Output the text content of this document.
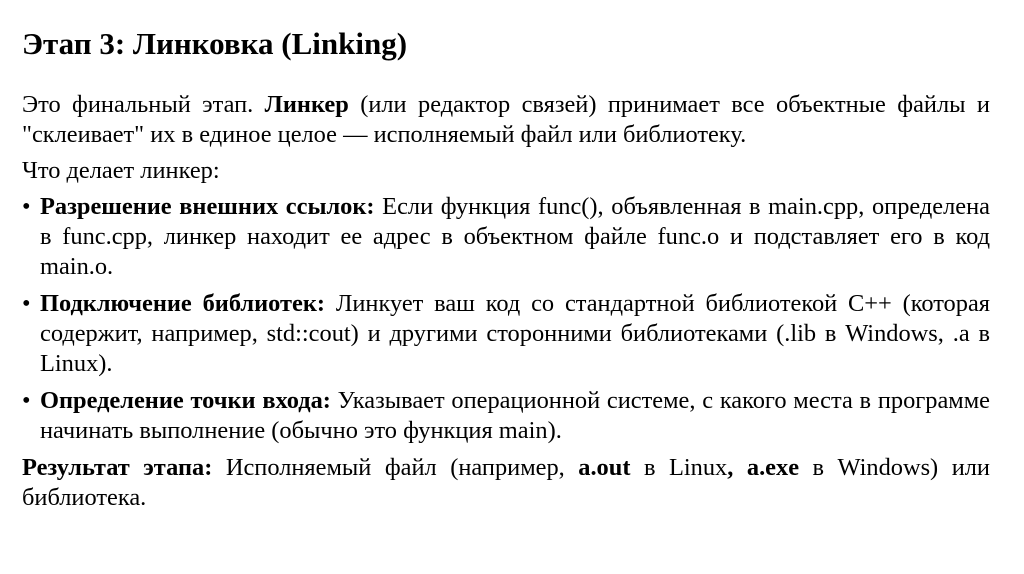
Этап 3: Линковка (Linking)

Это финальный этап. Линкер (или редактор связей) принимает все объектные файлы и "склеивает" их в единое целое — исполняемый файл или библиотеку.

Что делает линкер:

• Разрешение внешних ссылок: Если функция func(), объявленная в main.cpp, определена в func.cpp, линкер находит ее адрес в объектном файле func.o и подставляет его в код main.o.
• Подключение библиотек: Линкует ваш код со стандартной библиотекой C++ (которая содержит, например, std::cout) и другими сторонними библиотеками (.lib в Windows, .a в Linux).
• Определение точки входа: Указывает операционной системе, с какого места в программе начинать выполнение (обычно это функция main).

Результат этапа: Исполняемый файл (например, a.out в Linux, a.exe в Windows) или библиотека.
